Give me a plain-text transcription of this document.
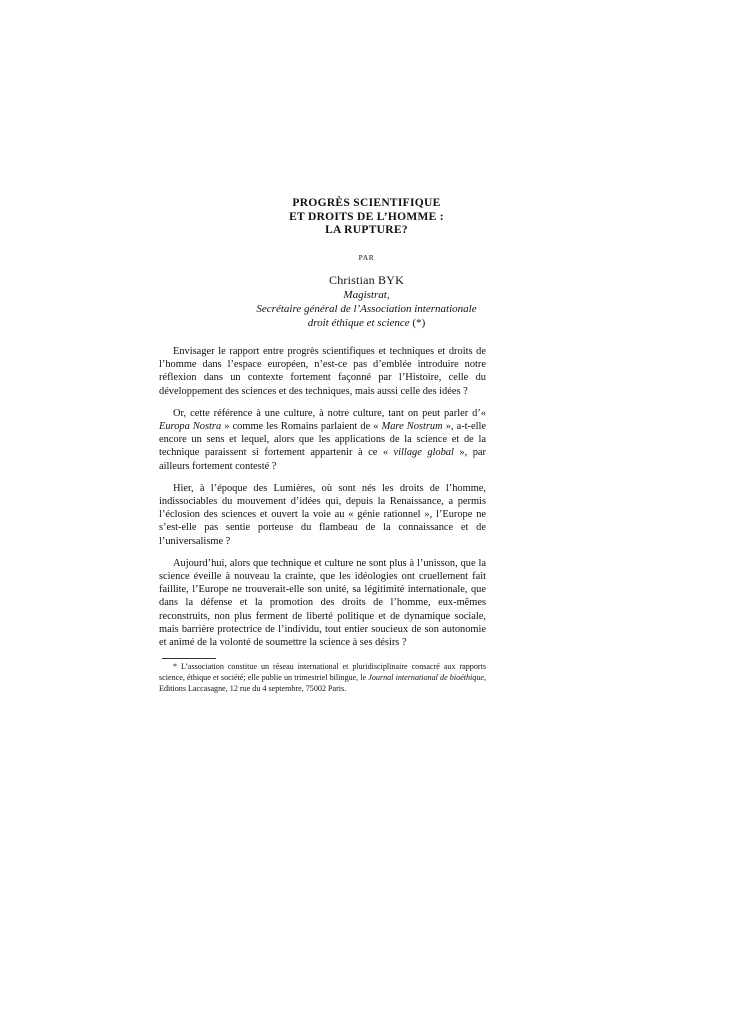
PROGRÈS SCIENTIFIQUE
ET DROITS DE L’HOMME :
LA RUPTURE?
PAR
Christian BYK
Magistrat,
Secrétaire général de l’Association internationale
droit éthique et science (*)

Envisager le rapport entre progrès scientifiques et techniques et droits de l’homme dans l’espace européen, n’est-ce pas d’emblée introduire notre réflexion dans un contexte fortement façonné par l’Histoire, celle du développement des sciences et des techniques, mais aussi celle des idées ?

Or, cette référence à une culture, à notre culture, tant on peut parler d’« Europa Nostra » comme les Romains parlaient de « Mare Nostrum », a-t-elle encore un sens et lequel, alors que les applications de la science et de la technique paraissent si fortement appartenir à ce « village global », par ailleurs fortement contesté ?

Hier, à l’époque des Lumières, où sont nés les droits de l’homme, indissociables du mouvement d’idées qui, depuis la Renaissance, a permis l’éclosion des sciences et ouvert la voie au « génie rationnel », l’Europe ne s’est-elle pas sentie porteuse du flambeau de la connaissance et de l’universalisme ?

Aujourd’hui, alors que technique et culture ne sont plus à l’unisson, que la science éveille à nouveau la crainte, que les idéologies ont cruellement fait faillite, l’Europe ne trouverait-elle son unité, sa légitimité internationale, que dans la défense et la promotion des droits de l’homme, eux-mêmes reconstruits, non plus ferment de liberté politique et de dynamique sociale, mais barrière protectrice de l’individu, tout entier soucieux de son autonomie et animé de la volonté de soumettre la science à ses désirs ?

* L’association constitue un réseau international et pluridisciplinaire consacré aux rapports science, éthique et société; elle publie un trimestriel bilingue, le Journal international de bioéthique, Editions Laccasagne, 12 rue du 4 septembre, 75002 Paris.
